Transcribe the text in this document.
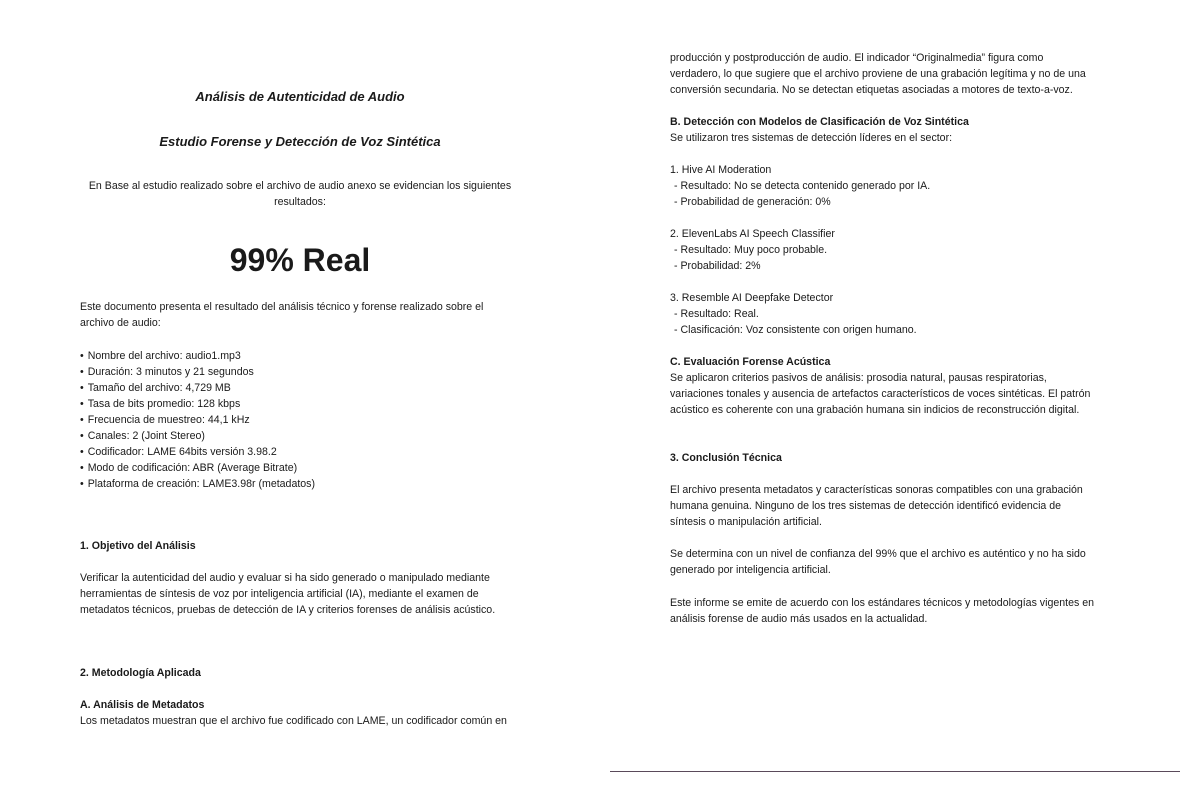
Análisis de Autenticidad de Audio

Estudio Forense y Detección de Voz Sintética

En Base al estudio realizado sobre el archivo de audio anexo se evidencian los siguientes

resultados:

99% Real

Este documento presenta el resultado del análisis técnico y forense realizado sobre el

archivo de audio:

• Nombre del archivo: audio1.mp3
• Duración: 3 minutos y 21 segundos
• Tamaño del archivo: 4,729 MB
• Tasa de bits promedio: 128 kbps
• Frecuencia de muestreo: 44,1 kHz
• Canales: 2 (Joint Stereo)
• Codificador: LAME 64bits versión 3.98.2
• Modo de codificación: ABR (Average Bitrate)
• Plataforma de creación: LAME3.98r (metadatos)

1. Objetivo del Análisis

Verificar la autenticidad del audio y evaluar si ha sido generado o manipulado mediante

herramientas de síntesis de voz por inteligencia artificial (IA), mediante el examen de

metadatos técnicos, pruebas de detección de IA y criterios forenses de análisis acústico.

2. Metodología Aplicada

A. Análisis de Metadatos

Los metadatos muestran que el archivo fue codificado con LAME, un codificador común en

producción y postproducción de audio. El indicador “Originalmedia” figura como

verdadero, lo que sugiere que el archivo proviene de una grabación legítima y no de una

conversión secundaria. No se detectan etiquetas asociadas a motores de texto-a-voz.

B. Detección con Modelos de Clasificación de Voz Sintética

Se utilizaron tres sistemas de detección líderes en el sector:

1. Hive AI Moderation

- Resultado: No se detecta contenido generado por IA.

- Probabilidad de generación: 0%

2. ElevenLabs AI Speech Classifier

- Resultado: Muy poco probable.

- Probabilidad: 2%

3. Resemble AI Deepfake Detector

- Resultado: Real.

- Clasificación: Voz consistente con origen humano.

C. Evaluación Forense Acústica

Se aplicaron criterios pasivos de análisis: prosodia natural, pausas respiratorias,

variaciones tonales y ausencia de artefactos característicos de voces sintéticas. El patrón

acústico es coherente con una grabación humana sin indicios de reconstrucción digital.

3. Conclusión Técnica

El archivo presenta metadatos y características sonoras compatibles con una grabación

humana genuina. Ninguno de los tres sistemas de detección identificó evidencia de

síntesis o manipulación artificial.

Se determina con un nivel de confianza del 99% que el archivo es auténtico y no ha sido

generado por inteligencia artificial.

Este informe se emite de acuerdo con los estándares técnicos y metodologías vigentes en

análisis forense de audio más usados en la actualidad.
